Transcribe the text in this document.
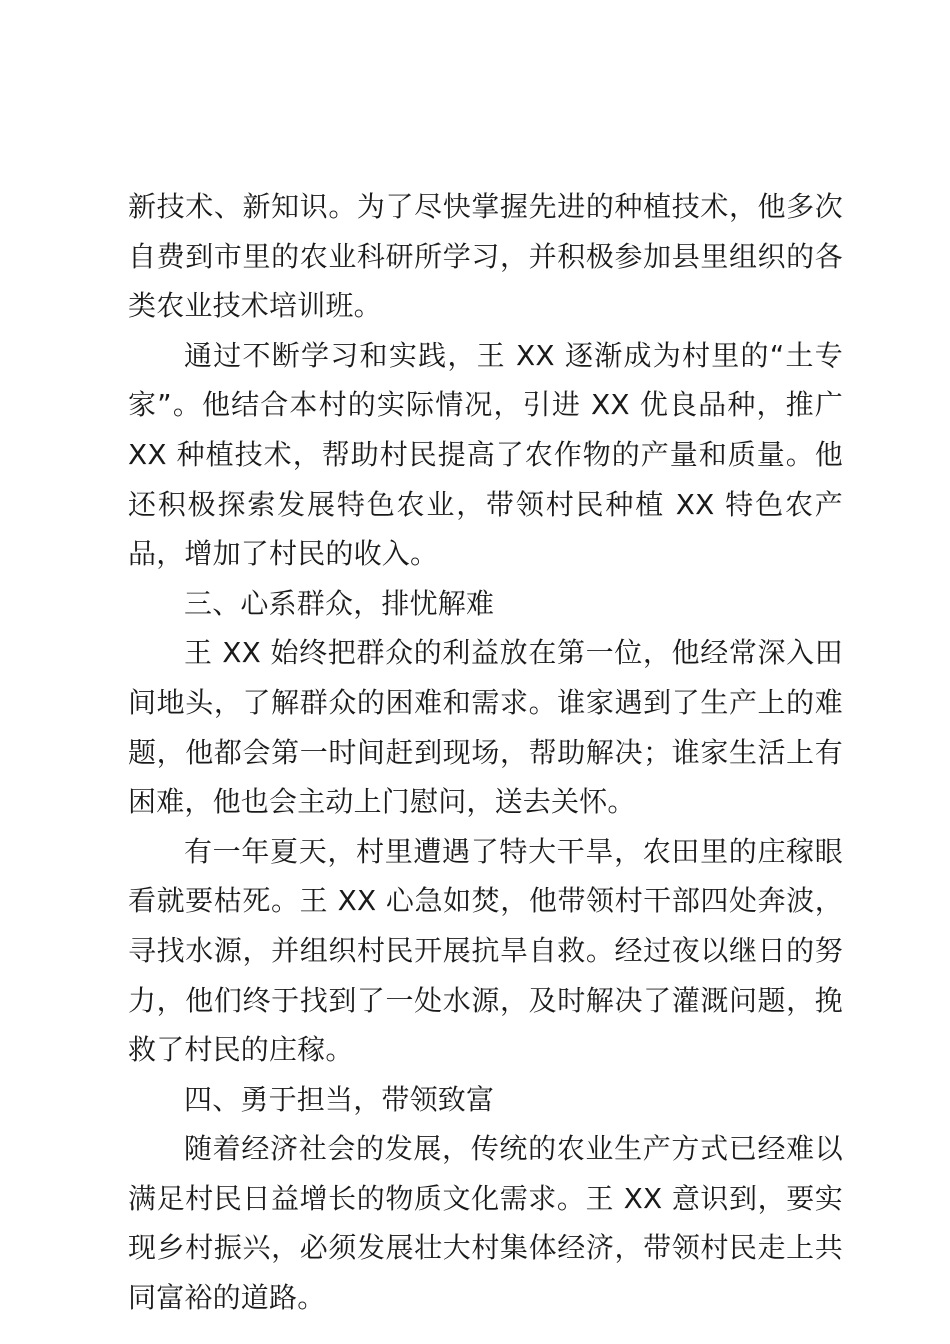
新技术、新知识。为了尽快掌握先进的种植技术，他多次自费到市里的农业科研所学习，并积极参加县里组织的各类农业技术培训班。

通过不断学习和实践，王 XX 逐渐成为村里的“土专家”。他结合本村的实际情况，引进 XX 优良品种，推广 XX 种植技术，帮助村民提高了农作物的产量和质量。他还积极探索发展特色农业，带领村民种植 XX 特色农产品，增加了村民的收入。

三、心系群众，排忧解难

王 XX 始终把群众的利益放在第一位，他经常深入田间地头，了解群众的困难和需求。谁家遇到了生产上的难题，他都会第一时间赶到现场，帮助解决；谁家生活上有困难，他也会主动上门慰问，送去关怀。

有一年夏天，村里遭遇了特大干旱，农田里的庄稼眼看就要枯死。王 XX 心急如焚，他带领村干部四处奔波，寻找水源，并组织村民开展抗旱自救。经过夜以继日的努力，他们终于找到了一处水源，及时解决了灌溉问题，挽救了村民的庄稼。

四、勇于担当，带领致富

随着经济社会的发展，传统的农业生产方式已经难以满足村民日益增长的物质文化需求。王 XX 意识到，要实现乡村振兴，必须发展壮大村集体经济，带领村民走上共同富裕的道路。
